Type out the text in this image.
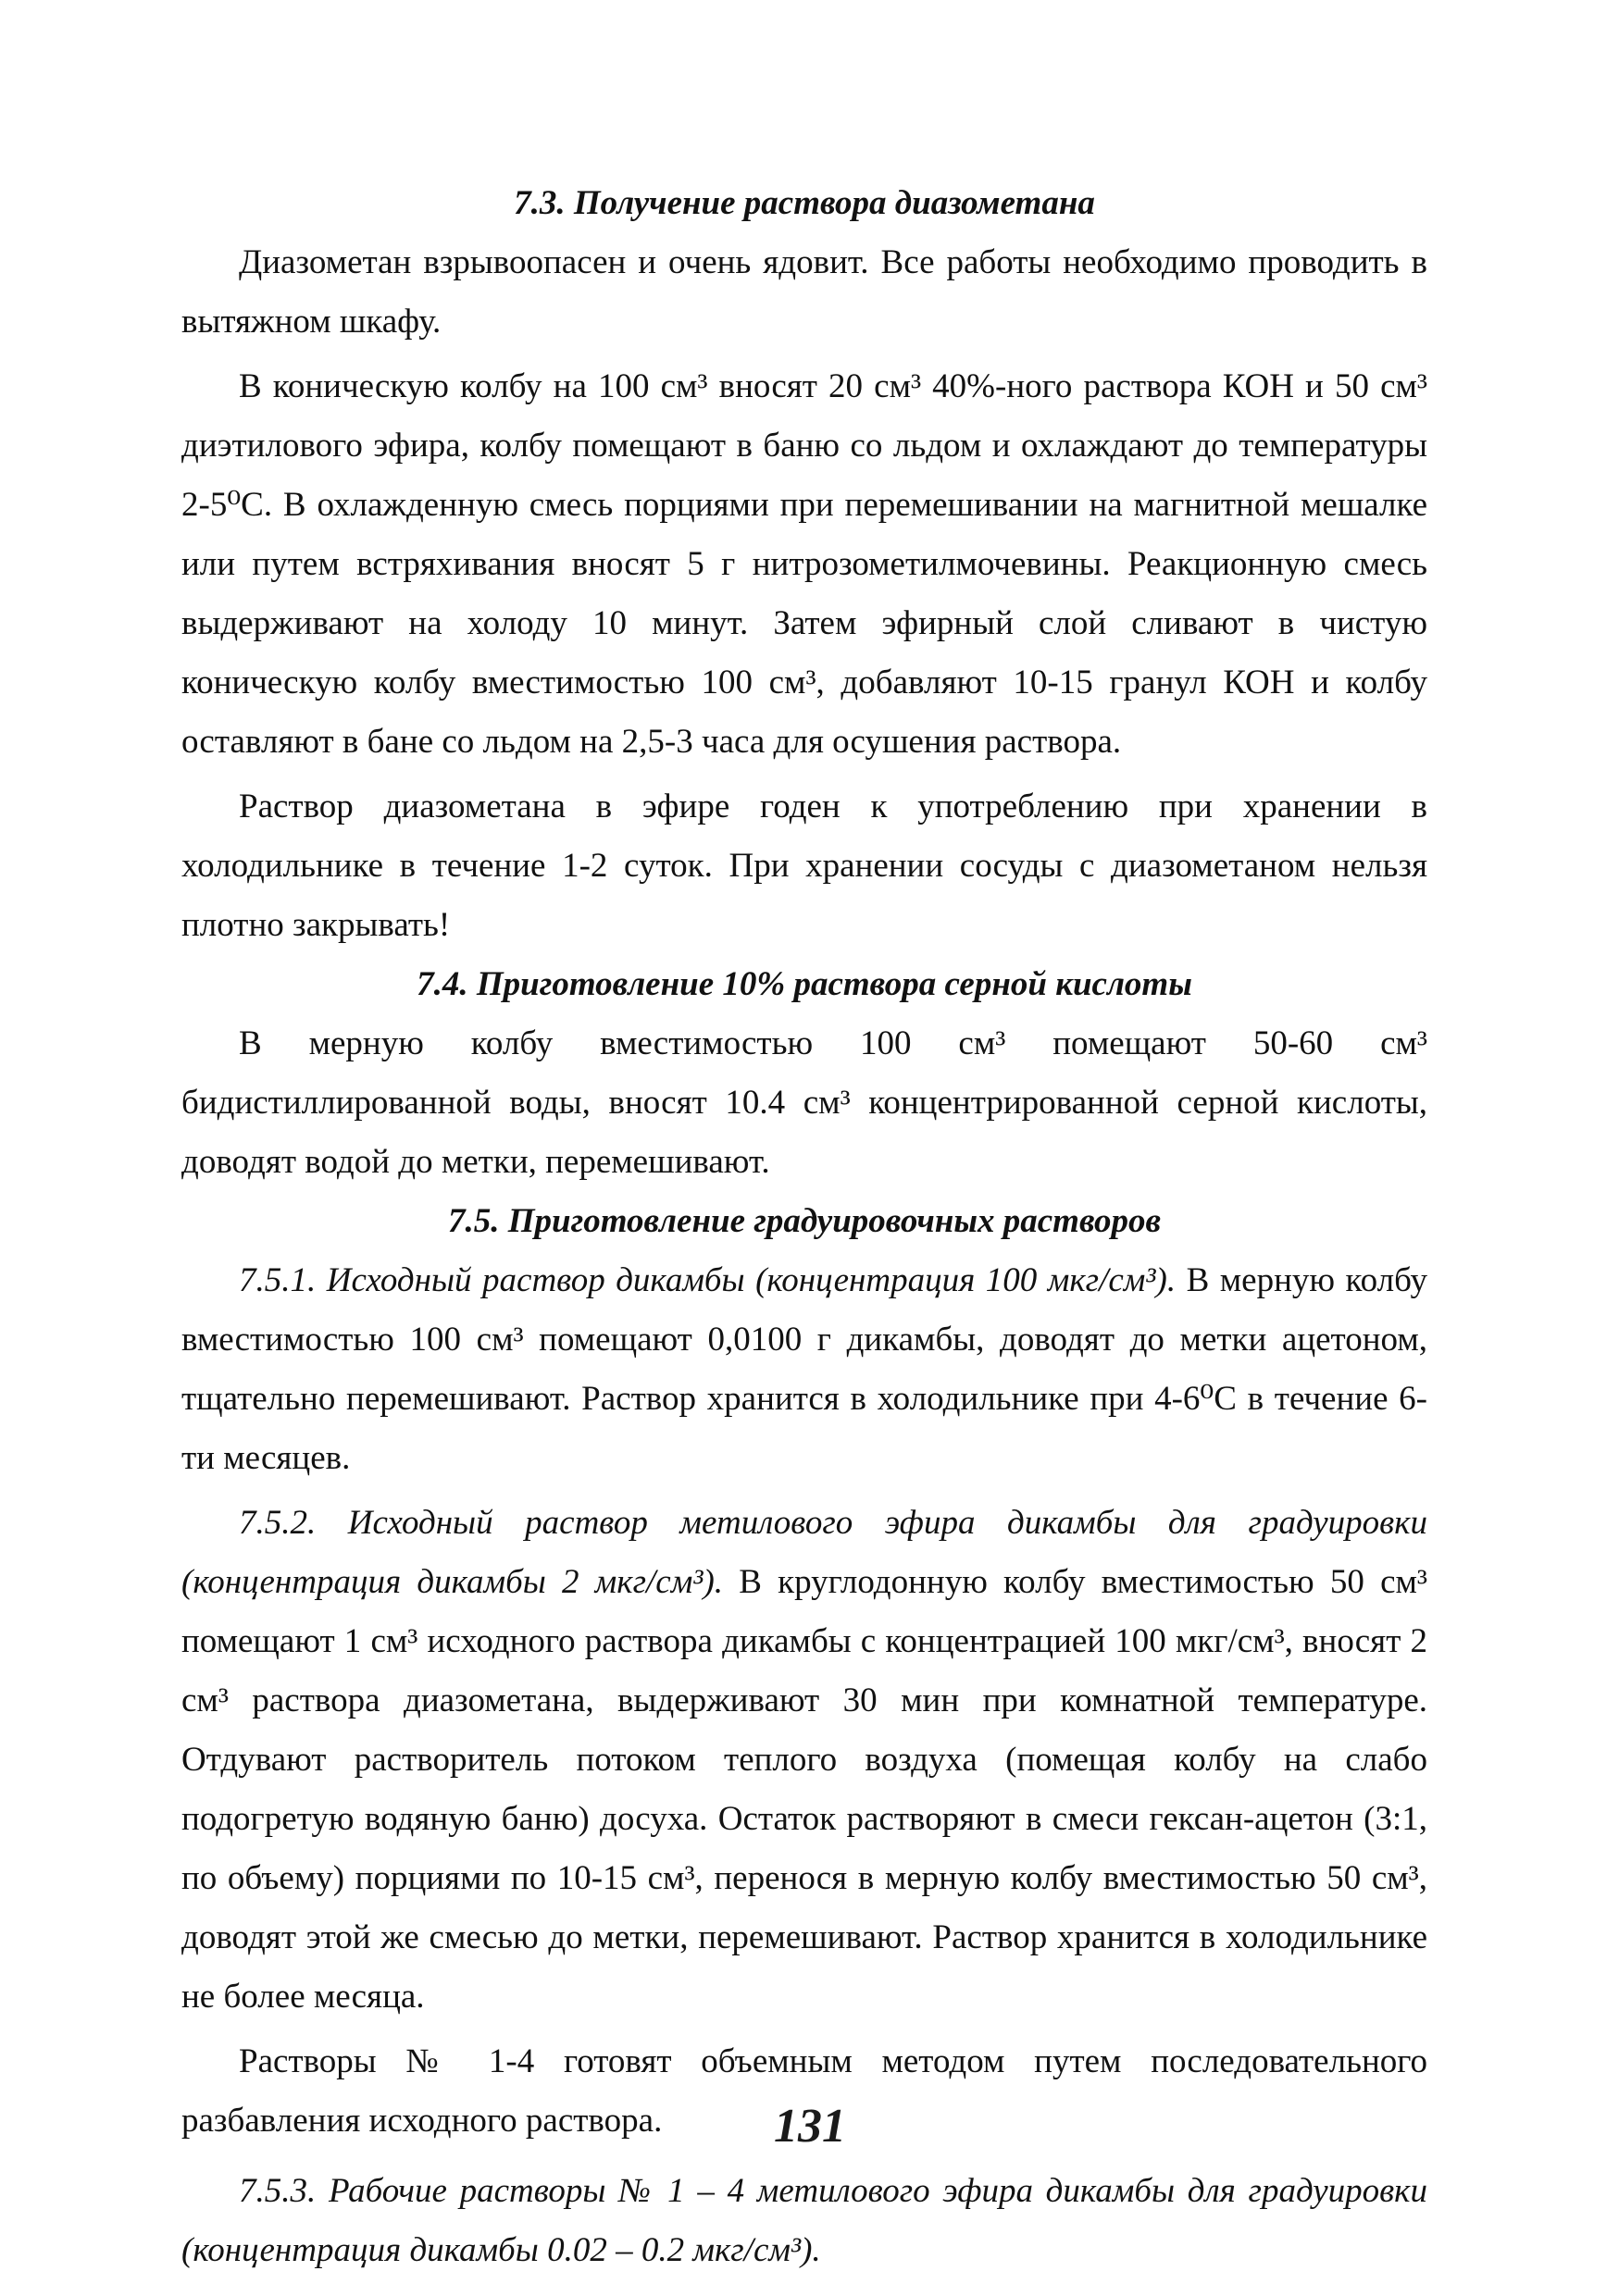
7.3. Получение раствора диазометана

Диазометан взрывоопасен и очень ядовит. Все работы необходимо проводить в вытяжном шкафу.

В коническую колбу на 100 см³ вносят 20 см³ 40%-ного раствора КОН и 50 см³ диэтилового эфира, колбу помещают в баню со льдом и охлаждают до температуры 2-5⁰С. В охлажденную смесь порциями при перемешивании на магнитной мешалке или путем встряхивания вносят 5 г нитрозометилмочевины. Реакционную смесь выдерживают на холоду 10 минут. Затем эфирный слой сливают в чистую коническую колбу вместимостью 100 см³, добавляют 10-15 гранул КОН и колбу оставляют в бане со льдом на 2,5-3 часа для осушения раствора.

Раствор диазометана в эфире годен к употреблению при хранении в холодильнике в течение 1-2 суток. При хранении сосуды с диазометаном нельзя плотно закрывать!

7.4. Приготовление 10% раствора серной кислоты

В мерную колбу вместимостью 100 см³ помещают 50-60 см³ бидистиллированной воды, вносят 10.4 см³ концентрированной серной кислоты, доводят водой до метки, перемешивают.

7.5. Приготовление градуировочных растворов

7.5.1. Исходный раствор дикамбы (концентрация 100 мкг/см³). В мерную колбу вместимостью 100 см³ помещают 0,0100 г дикамбы, доводят до метки ацетоном, тщательно перемешивают. Раствор хранится в холодильнике при 4-6⁰С в течение 6-ти месяцев.

7.5.2. Исходный раствор метилового эфира дикамбы для градуировки (концентрация дикамбы 2 мкг/см³). В круглодонную колбу вместимостью 50 см³ помещают 1 см³ исходного раствора дикамбы с концентрацией 100 мкг/см³, вносят 2 см³ раствора диазометана, выдерживают 30 мин при комнатной температуре. Отдувают растворитель потоком теплого воздуха (помещая колбу на слабо подогретую водяную баню) досуха. Остаток растворяют в смеси гексан-ацетон (3:1, по объему) порциями по 10-15 см³, перенося в мерную колбу вместимостью 50 см³, доводят этой же смесью до метки, перемешивают. Раствор хранится в холодильнике не более месяца.

Растворы № 1-4 готовят объемным методом путем последовательного разбавления исходного раствора.

7.5.3. Рабочие растворы № 1 – 4 метилового эфира дикамбы для градуировки (концентрация дикамбы 0.02 – 0.2 мкг/см³).

131
